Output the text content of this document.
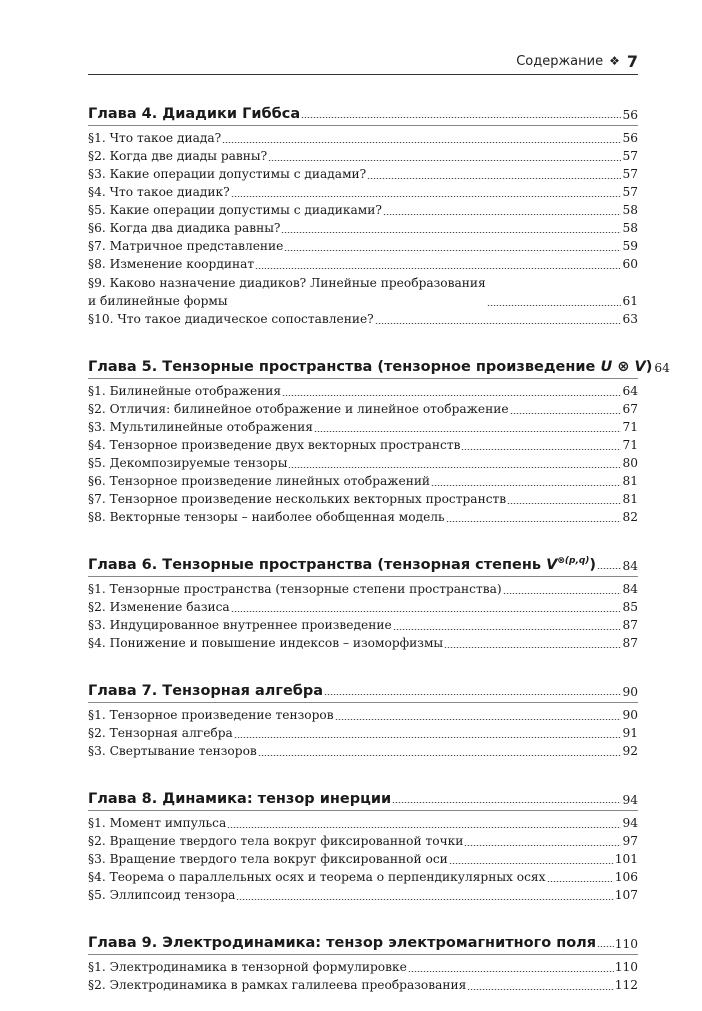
Содержание ❖ 7
Глава 4. Диадики Гиббса	56
§1. Что такое диада?	56
§2. Когда две диады равны?	57
§3. Какие операции допустимы с диадами?	57
§4. Что такое диадик?	57
§5. Какие операции допустимы с диадиками?	58
§6. Когда два диадика равны?	58
§7. Матричное представление	59
§8. Изменение координат	60
§9. Каково назначение диадиков? Линейные преобразования
и билинейные формы	61
§10. Что такое диадическое сопоставление?	63
Глава 5. Тензорные пространства (тензорное произведение U ⊗ V) 64
§1. Билинейные отображения	64
§2. Отличия: билинейное отображение и линейное отображение	67
§3. Мультилинейные отображения	71
§4. Тензорное произведение двух векторных пространств	71
§5. Декомпозируемые тензоры	80
§6. Тензорное произведение линейных отображений	81
§7. Тензорное произведение нескольких векторных пространств	81
§8. Векторные тензоры – наиболее обобщенная модель	82
Глава 6. Тензорные пространства (тензорная степень $V^{\otimes(p,q)}$) 84
§1. Тензорные пространства (тензорные степени пространства)	84
§2. Изменение базиса	85
§3. Индуцированное внутреннее произведение	87
§4. Понижение и повышение индексов – изоморфизмы	87
Глава 7. Тензорная алгебра	90
§1. Тензорное произведение тензоров	90
§2. Тензорная алгебра	91
§3. Свертывание тензоров	92
Глава 8. Динамика: тензор инерции	94
§1. Момент импульса	94
§2. Вращение твердого тела вокруг фиксированной точки	97
§3. Вращение твердого тела вокруг фиксированной оси	101
§4. Теорема о параллельных осях и теорема о перпендикулярных осях	106
§5. Эллипсоид тензора	107
Глава 9. Электродинамика: тензор электромагнитного поля 110
§1. Электродинамика в тензорной формулировке	110
§2. Электродинамика в рамках галилеева преобразования	112
